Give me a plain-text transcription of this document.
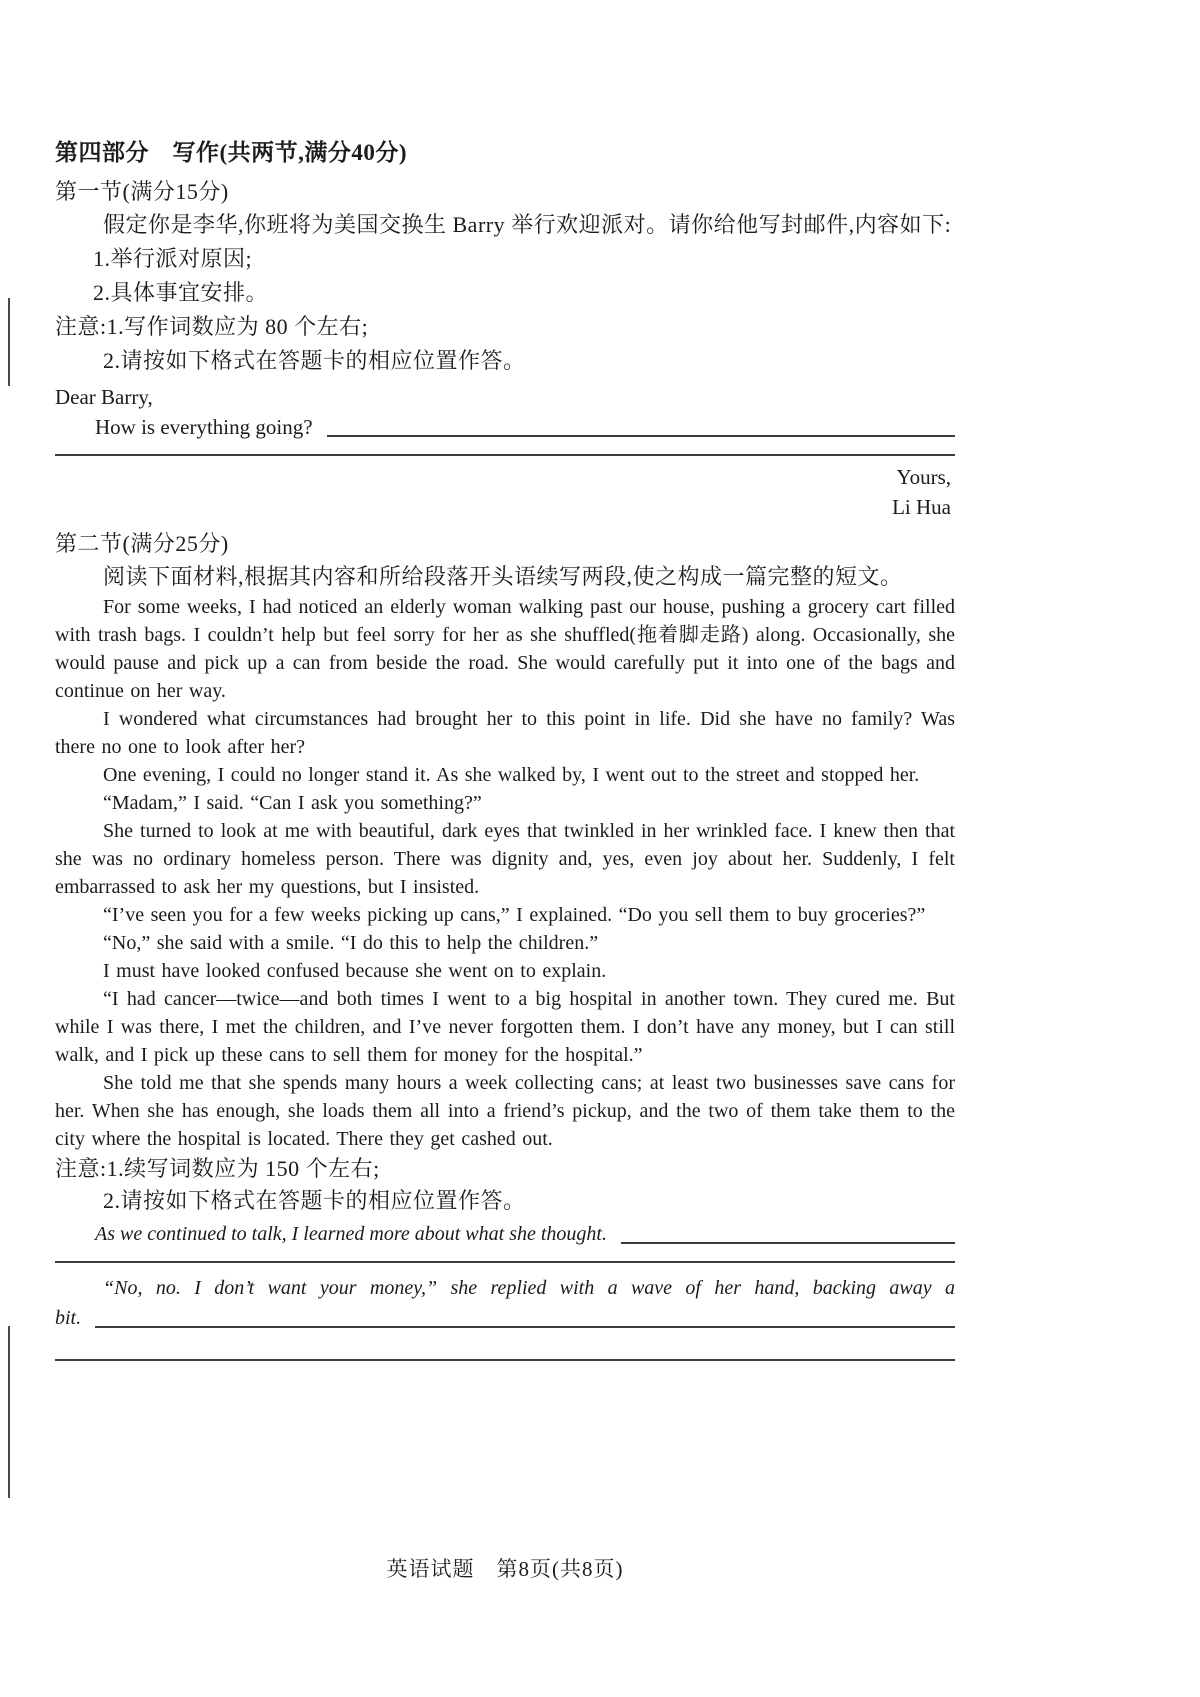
第四部分　写作(共两节,满分40分)
第一节(满分15分)

假定你是李华,你班将为美国交换生 Barry 举行欢迎派对。请你给他写封邮件,内容如下:

1.举行派对原因;
2.具体事宜安排。
注意:1.写作词数应为 80 个左右;
2.请按如下格式在答题卡的相应位置作答。
Dear Barry,
How is everything going?
Yours,
Li Hua
第二节(满分25分)

阅读下面材料,根据其内容和所给段落开头语续写两段,使之构成一篇完整的短文。

For some weeks, I had noticed an elderly woman walking past our house, pushing a grocery cart filled with trash bags. I couldn’t help but feel sorry for her as she shuffled(拖着脚走路) along. Occasionally, she would pause and pick up a can from beside the road. She would carefully put it into one of the bags and continue on her way.

I wondered what circumstances had brought her to this point in life. Did she have no family? Was there no one to look after her?

One evening, I could no longer stand it. As she walked by, I went out to the street and stopped her.

“Madam,” I said. “Can I ask you something?”

She turned to look at me with beautiful, dark eyes that twinkled in her wrinkled face. I knew then that she was no ordinary homeless person. There was dignity and, yes, even joy about her. Suddenly, I felt embarrassed to ask her my questions, but I insisted.

“I’ve seen you for a few weeks picking up cans,” I explained. “Do you sell them to buy groceries?”

“No,” she said with a smile. “I do this to help the children.”

I must have looked confused because she went on to explain.

“I had cancer—twice—and both times I went to a big hospital in another town. They cured me. But while I was there, I met the children, and I’ve never forgotten them. I don’t have any money, but I can still walk, and I pick up these cans to sell them for money for the hospital.”

She told me that she spends many hours a week collecting cans; at least two businesses save cans for her. When she has enough, she loads them all into a friend’s pickup, and the two of them take them to the city where the hospital is located. There they get cashed out.

注意:1.续写词数应为 150 个左右;
2.请按如下格式在答题卡的相应位置作答。
As we continued to talk, I learned more about what she thought.
“No, no. I don’t want your money,” she replied with a wave of her hand, backing away a
bit.
英语试题　第8页(共8页)
